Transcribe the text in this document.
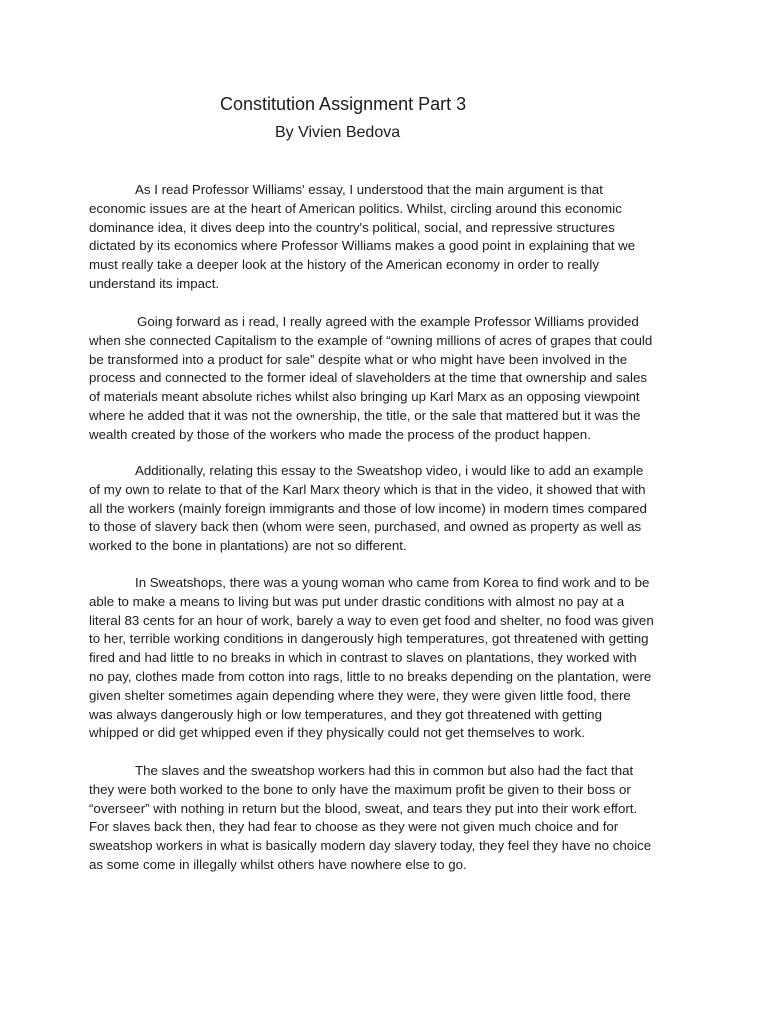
Constitution Assignment Part 3
By Vivien Bedova

As I read Professor Williams' essay, I understood that the main argument is that
economic issues are at the heart of American politics. Whilst, circling around this economic
dominance idea, it dives deep into the country's political, social, and repressive structures
dictated by its economics where Professor Williams makes a good point in explaining that we
must really take a deeper look at the history of the American economy in order to really
understand its impact.

Going forward as i read, I really agreed with the example Professor Williams provided
when she connected Capitalism to the example of “owning millions of acres of grapes that could
be transformed into a product for sale” despite what or who might have been involved in the
process and connected to the former ideal of slaveholders at the time that ownership and sales
of materials meant absolute riches whilst also bringing up Karl Marx as an opposing viewpoint
where he added that it was not the ownership, the title, or the sale that mattered but it was the
wealth created by those of the workers who made the process of the product happen.

Additionally, relating this essay to the Sweatshop video, i would like to add an example
of my own to relate to that of the Karl Marx theory which is that in the video, it showed that with
all the workers (mainly foreign immigrants and those of low income) in modern times compared
to those of slavery back then (whom were seen, purchased, and owned as property as well as
worked to the bone in plantations) are not so different.

In Sweatshops, there was a young woman who came from Korea to find work and to be
able to make a means to living but was put under drastic conditions with almost no pay at a
literal 83 cents for an hour of work, barely a way to even get food and shelter, no food was given
to her, terrible working conditions in dangerously high temperatures, got threatened with getting
fired and had little to no breaks in which in contrast to slaves on plantations, they worked with
no pay, clothes made from cotton into rags, little to no breaks depending on the plantation, were
given shelter sometimes again depending where they were, they were given little food, there
was always dangerously high or low temperatures, and they got threatened with getting
whipped or did get whipped even if they physically could not get themselves to work.

The slaves and the sweatshop workers had this in common but also had the fact that
they were both worked to the bone to only have the maximum profit be given to their boss or
“overseer” with nothing in return but the blood, sweat, and tears they put into their work effort.
For slaves back then, they had fear to choose as they were not given much choice and for
sweatshop workers in what is basically modern day slavery today, they feel they have no choice
as some come in illegally whilst others have nowhere else to go.
